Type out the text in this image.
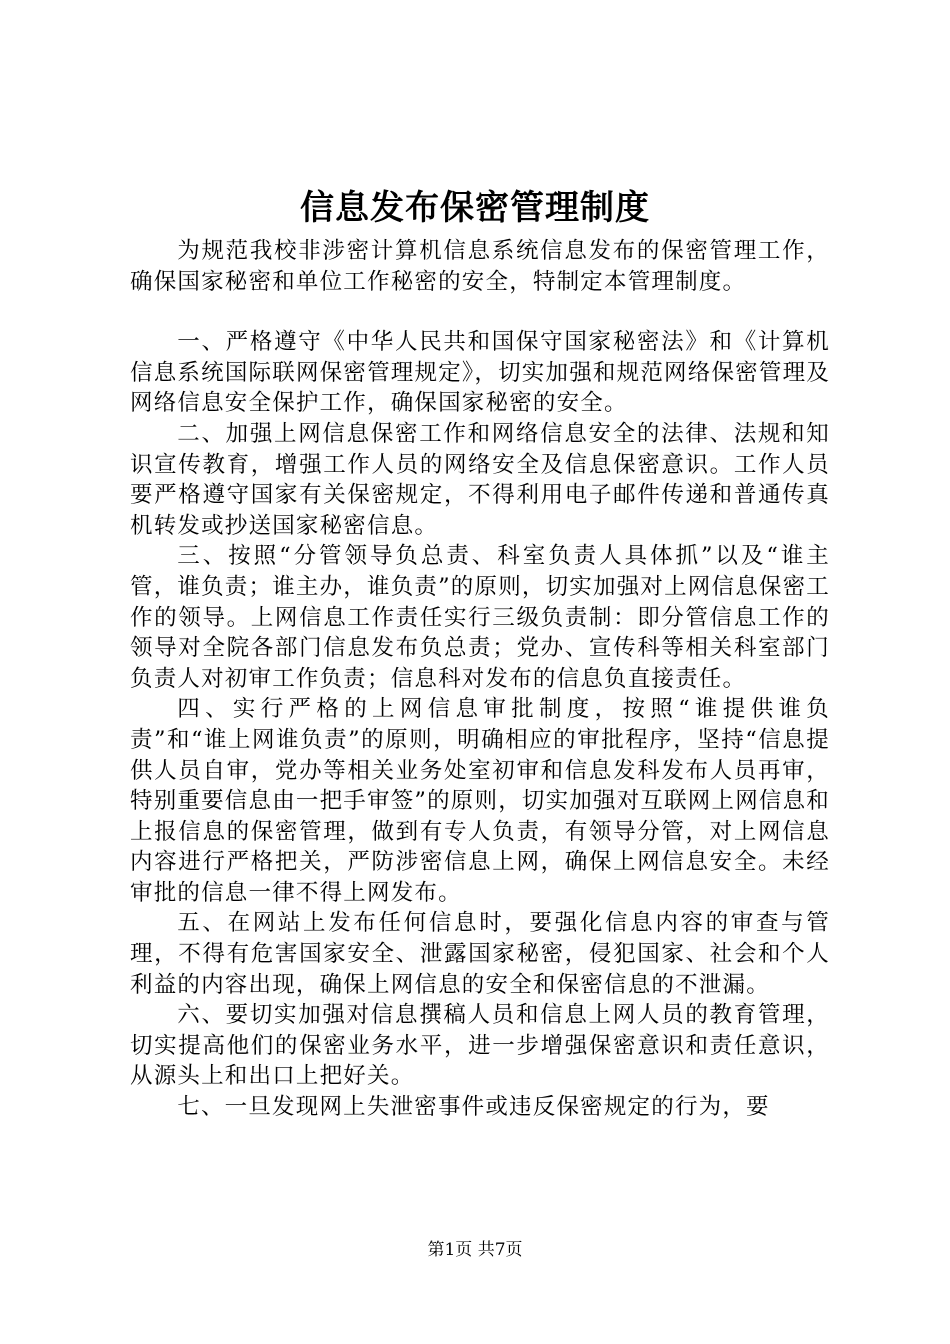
信息发布保密管理制度

为规范我校非涉密计算机信息系统信息发布的保密管理工作，确保国家秘密和单位工作秘密的安全，特制定本管理制度。

一、严格遵守《中华人民共和国保守国家秘密法》和《计算机信息系统国际联网保密管理规定》，切实加强和规范网络保密管理及网络信息安全保护工作，确保国家秘密的安全。

二、加强上网信息保密工作和网络信息安全的法律、法规和知识宣传教育，增强工作人员的网络安全及信息保密意识。工作人员要严格遵守国家有关保密规定，不得利用电子邮件传递和普通传真机转发或抄送国家秘密信息。

三、按照“分管领导负总责、科室负责人具体抓”以及“谁主管，谁负责；谁主办，谁负责”的原则，切实加强对上网信息保密工作的领导。上网信息工作责任实行三级负责制：即分管信息工作的领导对全院各部门信息发布负总责；党办、宣传科等相关科室部门负责人对初审工作负责；信息科对发布的信息负直接责任。

四、实行严格的上网信息审批制度，按照“谁提供谁负责”和“谁上网谁负责”的原则，明确相应的审批程序，坚持“信息提供人员自审，党办等相关业务处室初审和信息发科发布人员再审，特别重要信息由一把手审签”的原则，切实加强对互联网上网信息和上报信息的保密管理，做到有专人负责，有领导分管，对上网信息内容进行严格把关，严防涉密信息上网，确保上网信息安全。未经审批的信息一律不得上网发布。

五、在网站上发布任何信息时，要强化信息内容的审查与管理，不得有危害国家安全、泄露国家秘密，侵犯国家、社会和个人利益的内容出现，确保上网信息的安全和保密信息的不泄漏。

六、要切实加强对信息撰稿人员和信息上网人员的教育管理，切实提高他们的保密业务水平，进一步增强保密意识和责任意识，从源头上和出口上把好关。

七、一旦发现网上失泄密事件或违反保密规定的行为，要

第1页 共7页
